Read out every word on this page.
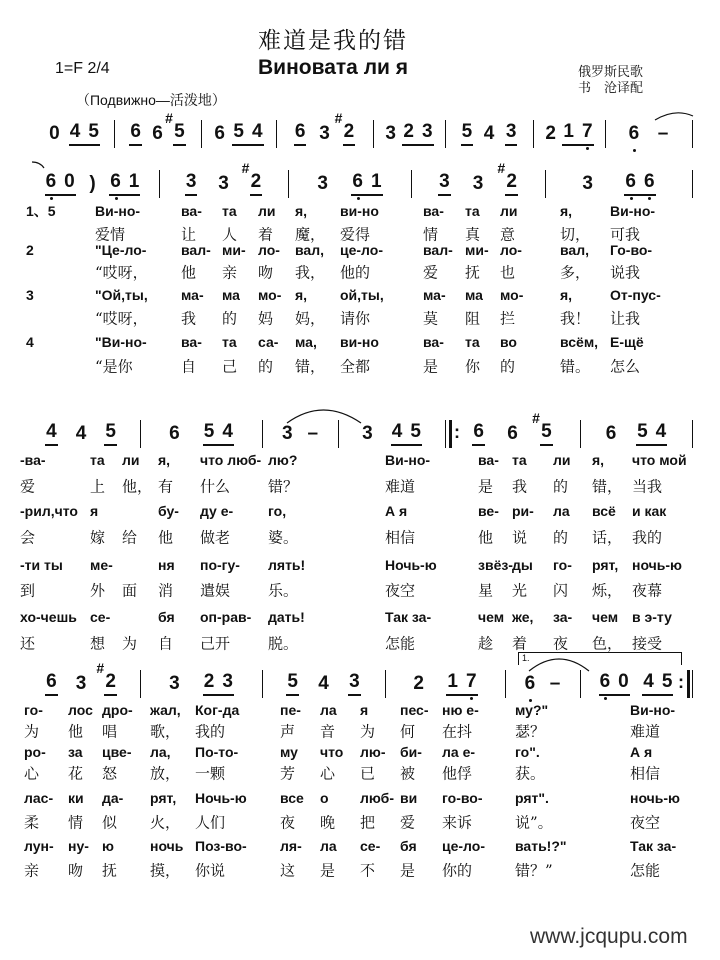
难道是我的错
Виновата ли я
1=F 2/4
（Подвижно—活泼地）
俄罗斯民歌
书　沧译配
1.
0 4 5 6 6 5
#
6 5 4 6 3 2
#
3 2 3 5 4 3 2 1 7 6 –
6 0 ) 6 1 3 3 2
#
3 6 1	3 3 2
#
3 6 6
1、5	Ви-но-	ва- та ли я, ви-но	ва- та ли	я,	Ви-но-
爱情	让 人 着 魔， 爱得	情 真 意	切， 可我
2	"Це-ло- вал- ми- ло- вал, це-ло-	вал- ми- ло-	вал, Го-во-
“哎呀， 他 亲 吻 我， 他的	爱 抚 也	多， 说我
3	"Ой,ты, ма- ма мо- я, ой,ты,	ма- ма мо-	я,	От-пус-
“哎呀， 我 的 妈 妈， 请你	莫 阻 拦	我！ 让我
4	"Ви-но- ва- та са- ма, ви-но	ва- та во	всём, Е-щё
“是你	自 己 的 错， 全都	是 你 的	错。 怎么
4 4 5	6 5 4	3 – 3 4 5 : 6 6 5
#
6 5 4
-ва-	та ли я, что люб- лю?	Ви-но-	ва- та ли я, что мой
爱	上 他， 有 什么	错？	难道	是 我 的 错， 当我
-рил,что я	бу- ду е- го,	А я	ве- ри- ла всё и как
会	嫁 给 他 做老	婆。	相信	他 说 的 话， 我的
-ти ты ме-	ня по-гу- лять!	Ночь-ю	звёз- ды го- рят, ночь-ю
到	外 面 消 遣娱	乐。	夜空	星 光 闪 烁， 夜幕
хо-чешь се-	бя оп-рав- дать!	Так за-	чем же, за- чем в э-ту
还	想 为 自 己开	脱。	怎能	趁 着 夜 色， 接受
6 3 2
#
3 2 3	5 4 3	2 1 7	6 – 6 0 4 5 :
го- лос дро- жал, Ког-да	пе- ла я пес- ню е-	му?"	Ви-но-
为 他 唱 歌， 我的	声 音 为 何 在抖	瑟？	难道
ро- за цве- ла, По-то-	му что лю- би- ла е-	го".	А я
心 花 怒 放， 一颗	芳 心 已 被 他俘	获。	相信
лас- ки да- рят, Ночь-ю все о люб- ви го-во- рят".	ночь-ю
柔 情 似 火， 人们	夜 晚 把 爱 来诉	说”。	夜空
лун- ну- ю	ночь Поз-во- ля- ла се- бя це-ло- вать!?"	Так за-
亲 吻 抚 摸， 你说	这 是 不 是 你的	错？”	怎能
www.jcqupu.com
